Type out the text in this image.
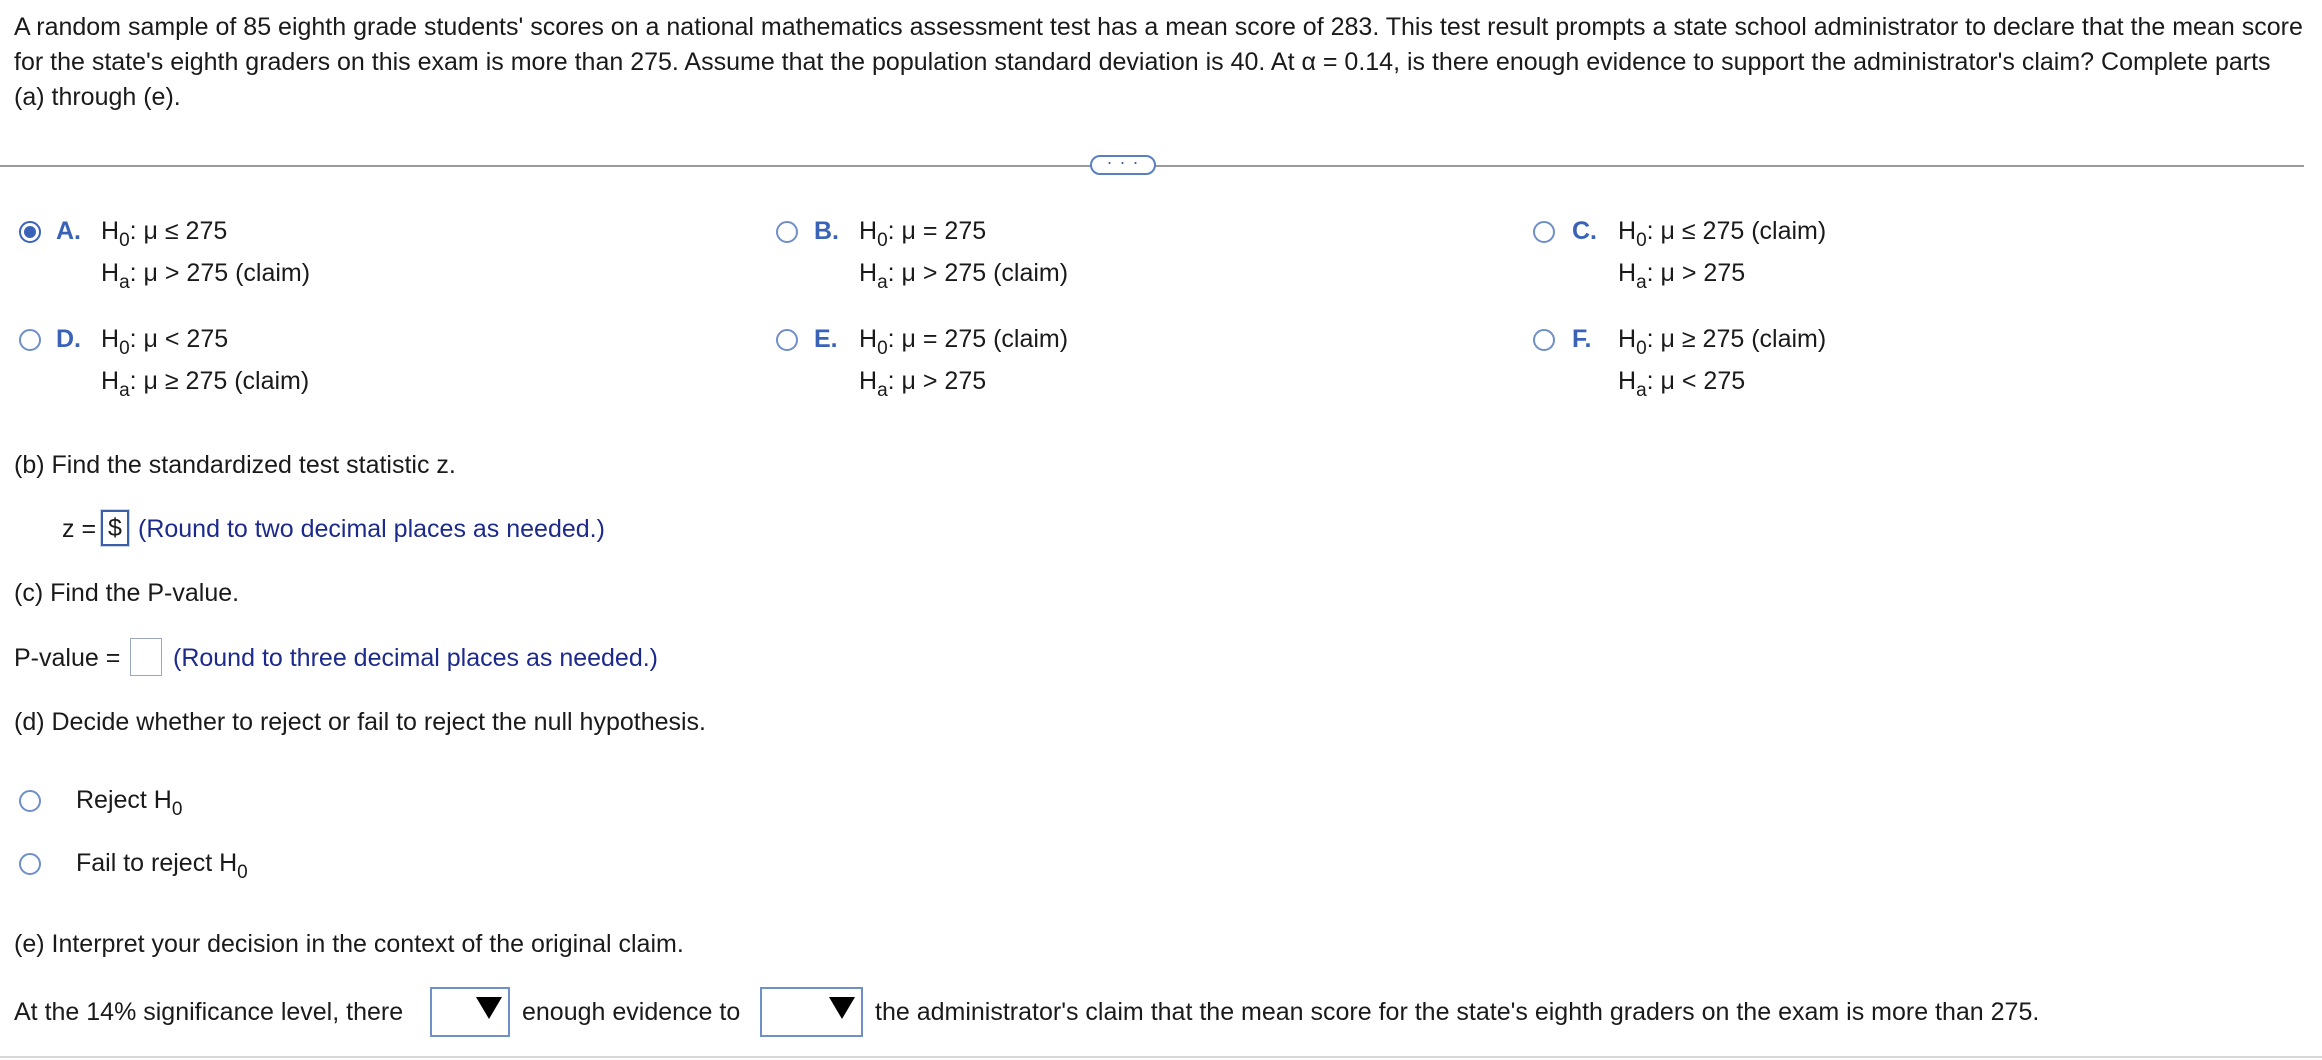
A random sample of 85 eighth grade students' scores on a national mathematics assessment test has a mean score of 283. This test result prompts a state school administrator to declare that the mean score for the state's eighth graders on this exam is more than 275. Assume that the population standard deviation is 40. At α = 0.14, is there enough evidence to support the administrator's claim? Complete parts (a) through (e).
· · ·
A. $H_0$: μ ≤ 275
$H_a$: μ > 275 (claim)
B. $H_0$: μ = 275
$H_a$: μ > 275 (claim)
C. $H_0$: μ ≤ 275 (claim)
$H_a$: μ > 275
D. $H_0$: μ < 275
$H_a$: μ ≥ 275 (claim)
E. $H_0$: μ = 275 (claim)
$H_a$: μ > 275
F. $H_0$: μ ≥ 275 (claim)
$H_a$: μ < 275
(b) Find the standardized test statistic z.
z = $ (Round to two decimal places as needed.)
(c) Find the P-value.
P-value = (Round to three decimal places as needed.)
(d) Decide whether to reject or fail to reject the null hypothesis.
Reject $H_0$
Fail to reject $H_0$
(e) Interpret your decision in the context of the original claim.
At the 14% significance level, there	enough evidence to	the administrator's claim that the mean score for the state's eighth graders on the exam is more than 275.
